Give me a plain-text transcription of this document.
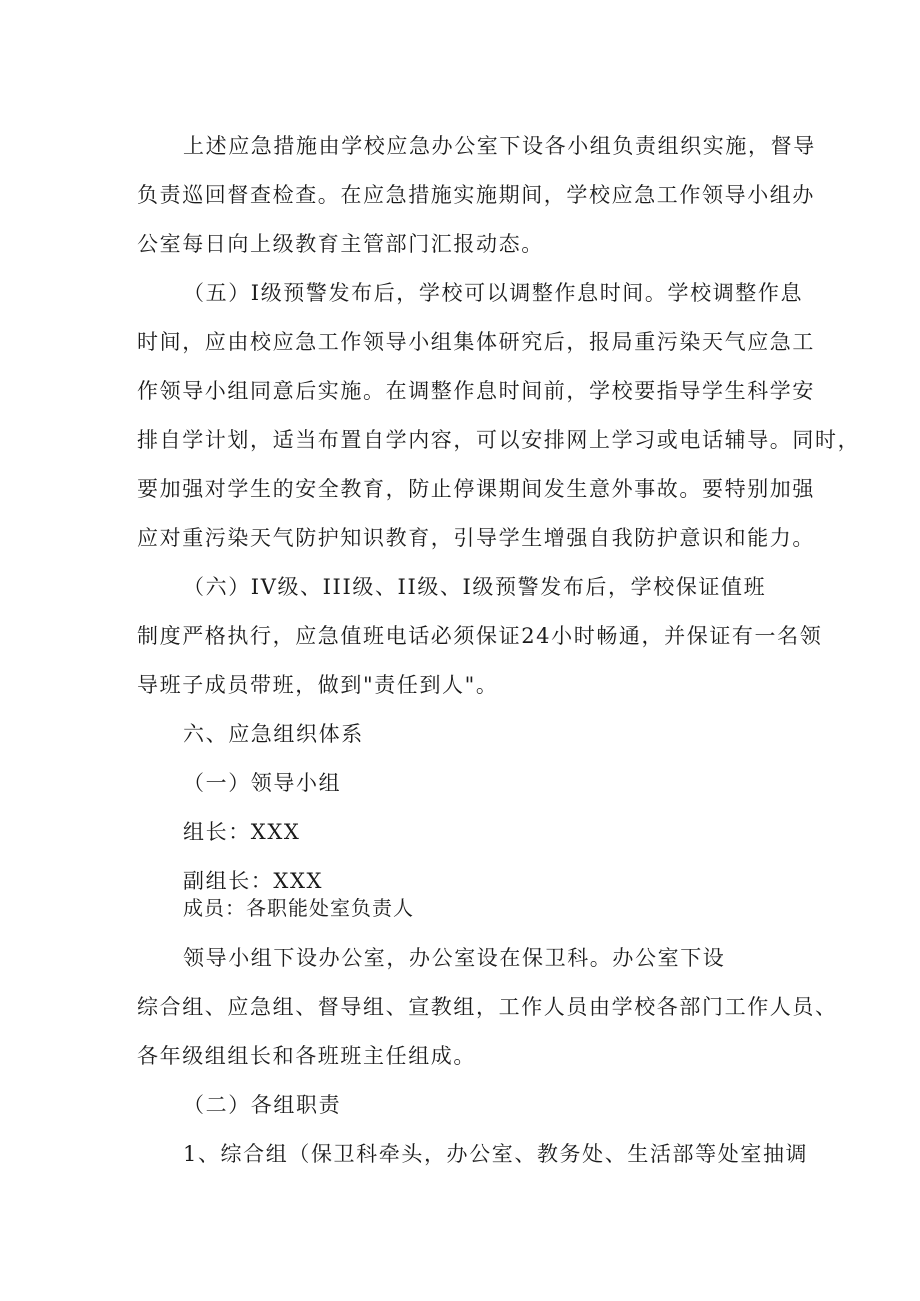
上述应急措施由学校应急办公室下设各小组负责组织实施，督导

负责巡回督查检查。在应急措施实施期间，学校应急工作领导小组办

公室每日向上级教育主管部门汇报动态。

（五）I级预警发布后，学校可以调整作息时间。学校调整作息

时间，应由校应急工作领导小组集体研究后，报局重污染天气应急工

作领导小组同意后实施。在调整作息时间前，学校要指导学生科学安

排自学计划，适当布置自学内容，可以安排网上学习或电话辅导。同时，

要加强对学生的安全教育，防止停课期间发生意外事故。要特别加强

应对重污染天气防护知识教育，引导学生增强自我防护意识和能力。

（六）IV级、III级、II级、I级预警发布后，学校保证值班

制度严格执行，应急值班电话必须保证24小时畅通，并保证有一名领

导班子成员带班，做到"责任到人"。

六、应急组织体系

（一）领导小组

组长：XXX

副组长：XXX

成员：各职能处室负责人

领导小组下设办公室，办公室设在保卫科。办公室下设

综合组、应急组、督导组、宣教组，工作人员由学校各部门工作人员、

各年级组组长和各班班主任组成。

（二）各组职责

1、综合组（保卫科牵头，办公室、教务处、生活部等处室抽调
